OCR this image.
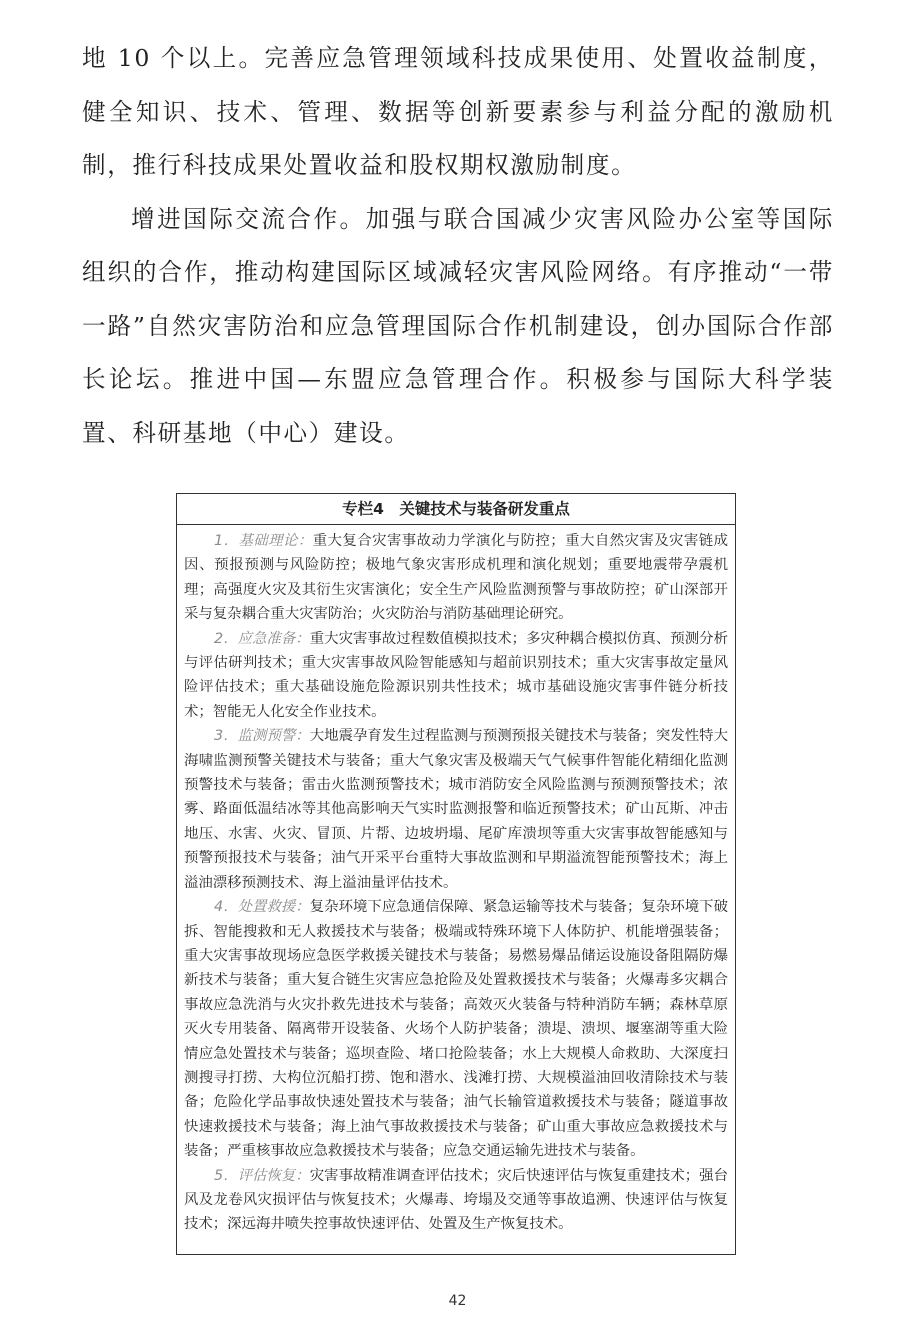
地 10 个以上。完善应急管理领域科技成果使用、处置收益制度，健全知识、技术、管理、数据等创新要素参与利益分配的激励机制，推行科技成果处置收益和股权期权激励制度。

增进国际交流合作。加强与联合国减少灾害风险办公室等国际组织的合作，推动构建国际区域减轻灾害风险网络。有序推动“一带一路”自然灾害防治和应急管理国际合作机制建设，创办国际合作部长论坛。推进中国—东盟应急管理合作。积极参与国际大科学装置、科研基地（中心）建设。

专栏4　关键技术与装备研发重点

1．基础理论：重大复合灾害事故动力学演化与防控；重大自然灾害及灾害链成因、预报预测与风险防控；极地气象灾害形成机理和演化规划；重要地震带孕震机理；高强度火灾及其衍生灾害演化；安全生产风险监测预警与事故防控；矿山深部开采与复杂耦合重大灾害防治；火灾防治与消防基础理论研究。

2．应急准备：重大灾害事故过程数值模拟技术；多灾种耦合模拟仿真、预测分析与评估研判技术；重大灾害事故风险智能感知与超前识别技术；重大灾害事故定量风险评估技术；重大基础设施危险源识别共性技术；城市基础设施灾害事件链分析技术；智能无人化安全作业技术。

3．监测预警：大地震孕育发生过程监测与预测预报关键技术与装备；突发性特大海啸监测预警关键技术与装备；重大气象灾害及极端天气气候事件智能化精细化监测预警技术与装备；雷击火监测预警技术；城市消防安全风险监测与预测预警技术；浓雾、路面低温结冰等其他高影响天气实时监测报警和临近预警技术；矿山瓦斯、冲击地压、水害、火灾、冒顶、片帮、边坡坍塌、尾矿库溃坝等重大灾害事故智能感知与预警预报技术与装备；油气开采平台重特大事故监测和早期溢流智能预警技术；海上溢油漂移预测技术、海上溢油量评估技术。

4．处置救援：复杂环境下应急通信保障、紧急运输等技术与装备；复杂环境下破拆、智能搜救和无人救援技术与装备；极端或特殊环境下人体防护、机能增强装备；重大灾害事故现场应急医学救援关键技术与装备；易燃易爆品储运设施设备阻隔防爆新技术与装备；重大复合链生灾害应急抢险及处置救援技术与装备；火爆毒多灾耦合事故应急洗消与火灾扑救先进技术与装备；高效灭火装备与特种消防车辆；森林草原灭火专用装备、隔离带开设装备、火场个人防护装备；溃堤、溃坝、堰塞湖等重大险情应急处置技术与装备；巡坝查险、堵口抢险装备；水上大规模人命救助、大深度扫测搜寻打捞、大构位沉船打捞、饱和潜水、浅滩打捞、大规模溢油回收清除技术与装备；危险化学品事故快速处置技术与装备；油气长输管道救援技术与装备；隧道事故快速救援技术与装备；海上油气事故救援技术与装备；矿山重大事故应急救援技术与装备；严重核事故应急救援技术与装备；应急交通运输先进技术与装备。

5．评估恢复：灾害事故精准调查评估技术；灾后快速评估与恢复重建技术；强台风及龙卷风灾损评估与恢复技术；火爆毒、垮塌及交通等事故追溯、快速评估与恢复技术；深远海井喷失控事故快速评估、处置及生产恢复技术。

42
